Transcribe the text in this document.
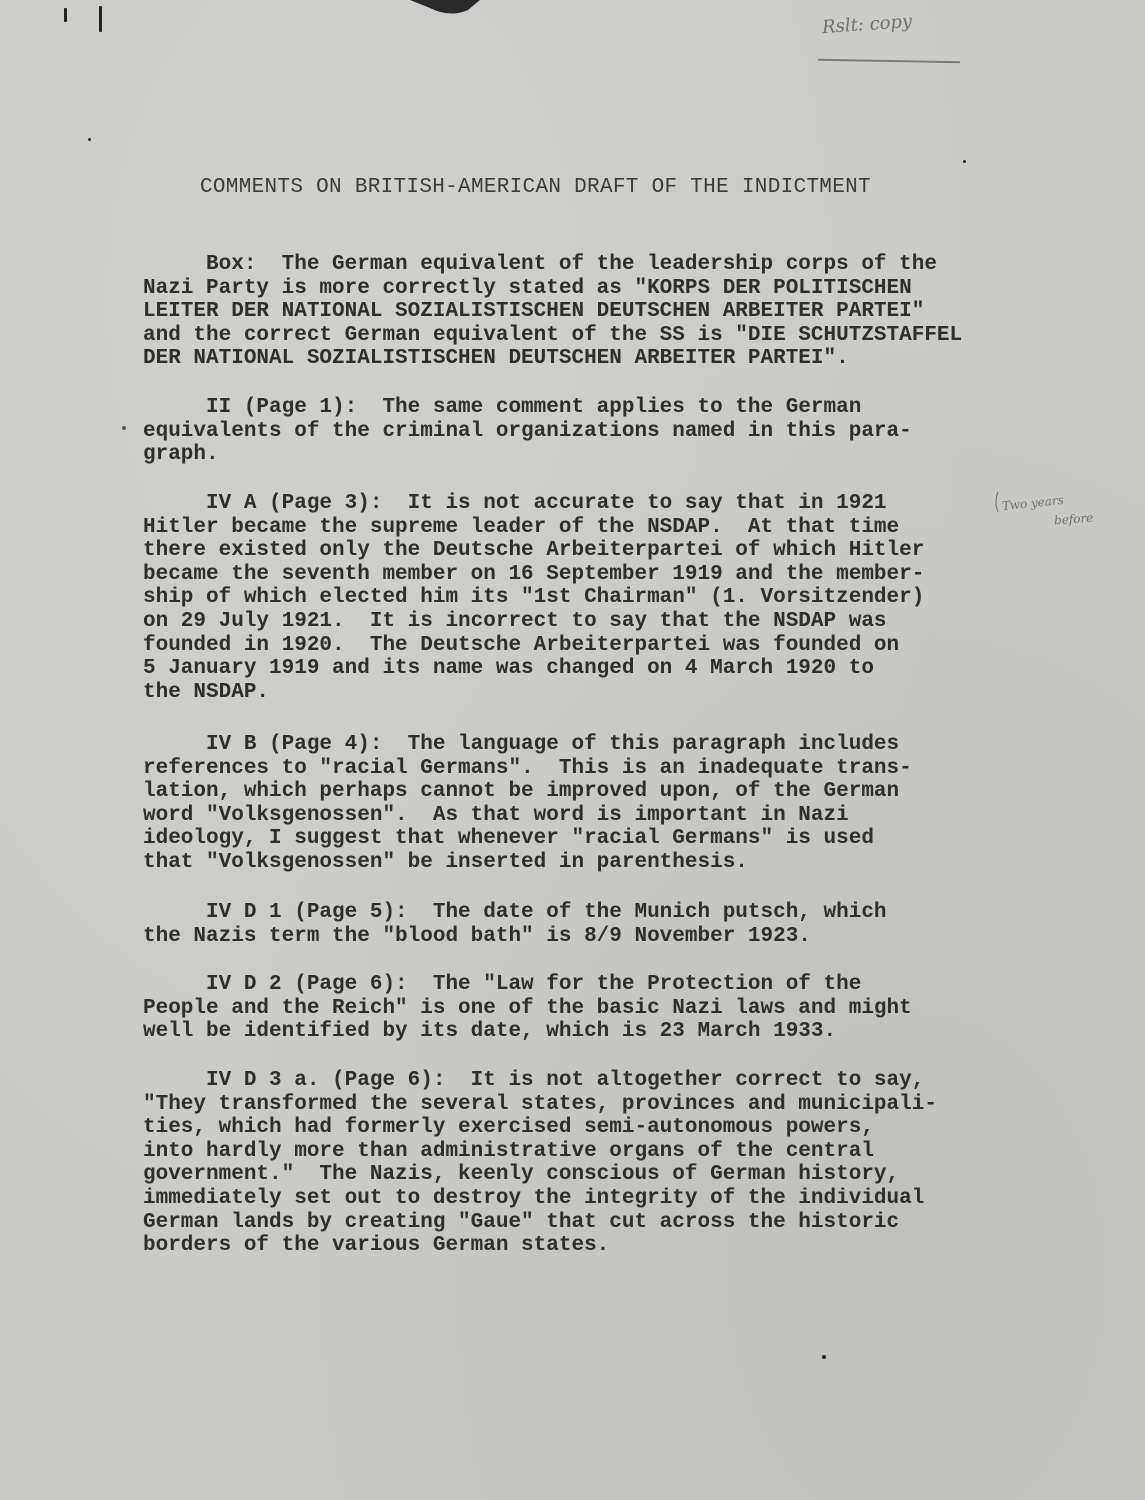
Rslt: copy
Two years
before
COMMENTS ON BRITISH-AMERICAN DRAFT OF THE INDICTMENT

Box:  The German equivalent of the leadership corps of the
Nazi Party is more correctly stated as "KORPS DER POLITISCHEN
LEITER DER NATIONAL SOZIALISTISCHEN DEUTSCHEN ARBEITER PARTEI"
and the correct German equivalent of the SS is "DIE SCHUTZSTAFFEL
DER NATIONAL SOZIALISTISCHEN DEUTSCHEN ARBEITER PARTEI".

II (Page 1):  The same comment applies to the German
equivalents of the criminal organizations named in this para-
graph.

IV A (Page 3):  It is not accurate to say that in 1921
Hitler became the supreme leader of the NSDAP.  At that time
there existed only the Deutsche Arbeiterpartei of which Hitler
became the seventh member on 16 September 1919 and the member-
ship of which elected him its "1st Chairman" (1. Vorsitzender)
on 29 July 1921.  It is incorrect to say that the NSDAP was
founded in 1920.  The Deutsche Arbeiterpartei was founded on
5 January 1919 and its name was changed on 4 March 1920 to
the NSDAP.

IV B (Page 4):  The language of this paragraph includes
references to "racial Germans".  This is an inadequate trans-
lation, which perhaps cannot be improved upon, of the German
word "Volksgenossen".  As that word is important in Nazi
ideology, I suggest that whenever "racial Germans" is used
that "Volksgenossen" be inserted in parenthesis.

IV D 1 (Page 5):  The date of the Munich putsch, which
the Nazis term the "blood bath" is 8/9 November 1923.

IV D 2 (Page 6):  The "Law for the Protection of the
People and the Reich" is one of the basic Nazi laws and might
well be identified by its date, which is 23 March 1933.

IV D 3 a. (Page 6):  It is not altogether correct to say,
"They transformed the several states, provinces and municipali-
ties, which had formerly exercised semi-autonomous powers,
into hardly more than administrative organs of the central
government."  The Nazis, keenly conscious of German history,
immediately set out to destroy the integrity of the individual
German lands by creating "Gaue" that cut across the historic
borders of the various German states.
